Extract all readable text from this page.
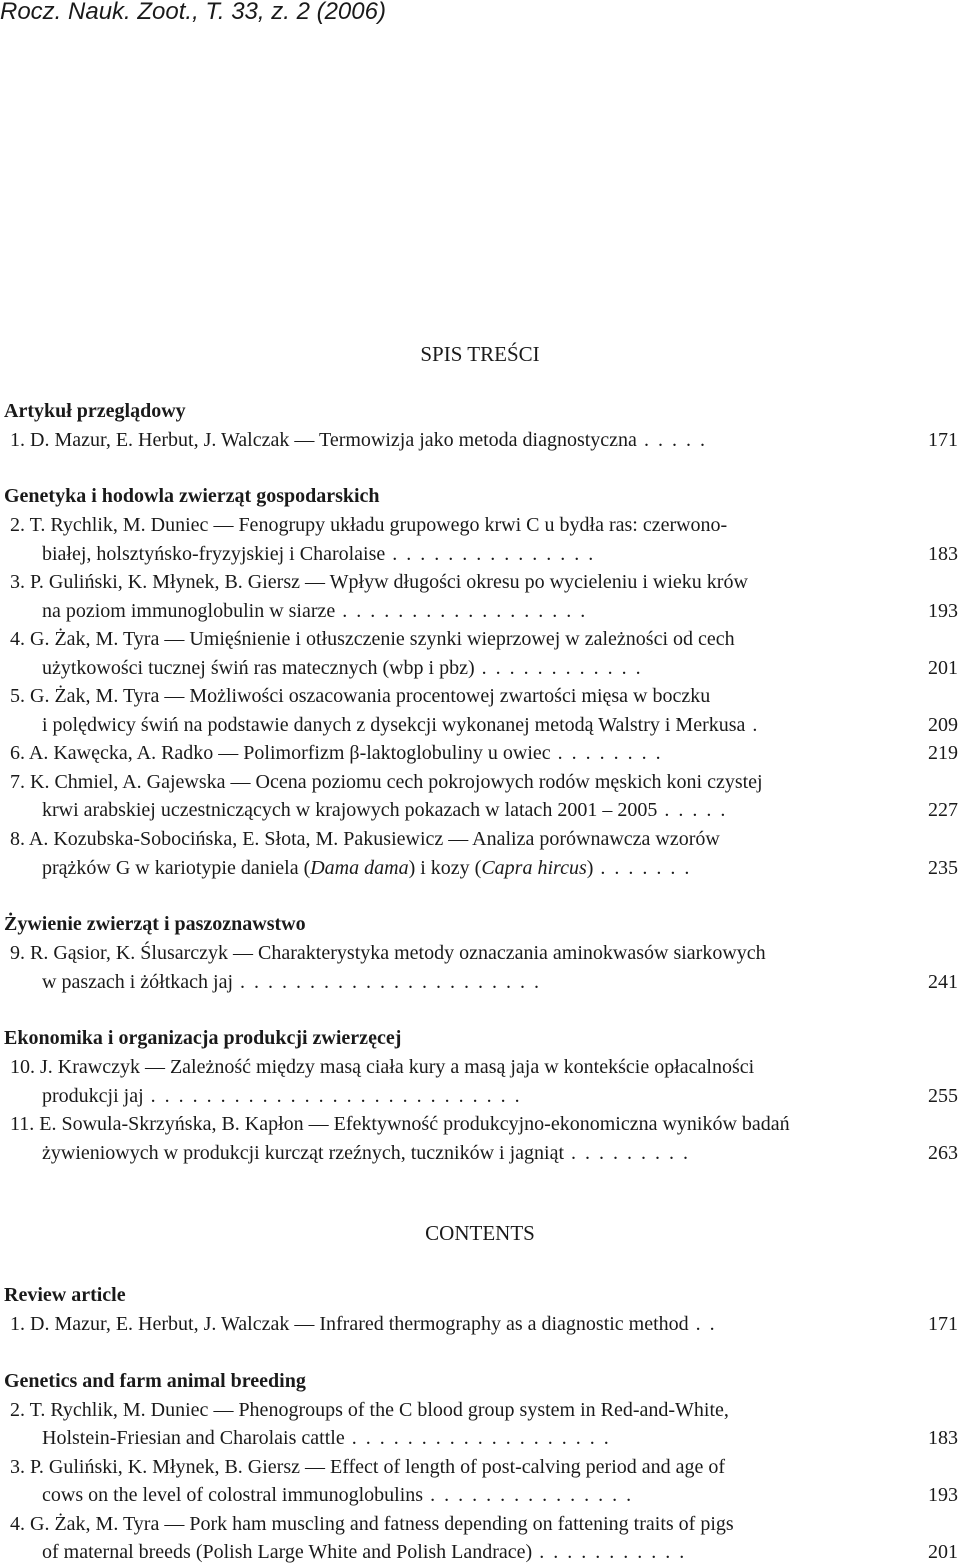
Rocz. Nauk. Zoot., T. 33, z. 2 (2006)
SPIS TREŚCI
Artykuł przeglądowy
1. D. Mazur, E. Herbut, J. Walczak — Termowizja jako metoda diagnostyczna . . . . .	171
Genetyka i hodowla zwierząt gospodarskich
2. T. Rychlik, M. Duniec — Fenogrupy układu grupowego krwi C u bydła ras: czerwono-
białej, holsztyńsko-fryzyjskiej i Charolaise . . . . . . . . . . . . . . .	183
3. P. Guliński, K. Młynek, B. Giersz — Wpływ długości okresu po wycieleniu i wieku krów
na poziom immunoglobulin w siarze . . . . . . . . . . . . . . . . . .	193
4. G. Żak, M. Tyra — Umięśnienie i otłuszczenie szynki wieprzowej w zależności od cech
użytkowości tucznej świń ras matecznych (wbp i pbz) . . . . . . . . . . . .	201
5. G. Żak, M. Tyra — Możliwości oszacowania procentowej zwartości mięsa w boczku
i polędwicy świń na podstawie danych z dysekcji wykonanej metodą Walstry i Merkusa .	209
6. A. Kawęcka, A. Radko — Polimorfizm β-laktoglobuliny u owiec . . . . . . . .	219
7. K. Chmiel, A. Gajewska — Ocena poziomu cech pokrojowych rodów męskich koni czystej
krwi arabskiej uczestniczących w krajowych pokazach w latach 2001 – 2005 . . . . .	227
8. A. Kozubska-Sobocińska, E. Słota, M. Pakusiewicz — Analiza porównawcza wzorów
prążków G w kariotypie daniela (Dama dama) i kozy (Capra hircus) . . . . . . .	235
Żywienie zwierząt i paszoznawstwo
9. R. Gąsior, K. Ślusarczyk — Charakterystyka metody oznaczania aminokwasów siarkowych
w paszach i żółtkach jaj . . . . . . . . . . . . . . . . . . . . . .	241
Ekonomika i organizacja produkcji zwierzęcej
10. J. Krawczyk — Zależność między masą ciała kury a masą jaja w kontekście opłacalności
produkcji jaj . . . . . . . . . . . . . . . . . . . . . . . . . . .	255
11. E. Sowula-Skrzyńska, B. Kapłon — Efektywność produkcyjno-ekonomiczna wyników badań
żywieniowych w produkcji kurcząt rzeźnych, tuczników i jagniąt . . . . . . . . .	263
CONTENTS
Review article
1. D. Mazur, E. Herbut, J. Walczak — Infrared thermography as a diagnostic method . .	171
Genetics and farm animal breeding
2. T. Rychlik, M. Duniec — Phenogroups of the C blood group system in Red-and-White,
Holstein-Friesian and Charolais cattle . . . . . . . . . . . . . . . . . . .	183
3. P. Guliński, K. Młynek, B. Giersz — Effect of length of post-calving period and age of
cows on the level of colostral immunoglobulins . . . . . . . . . . . . . . .	193
4. G. Żak, M. Tyra — Pork ham muscling and fatness depending on fattening traits of pigs
of maternal breeds (Polish Large White and Polish Landrace) . . . . . . . . . . .	201
